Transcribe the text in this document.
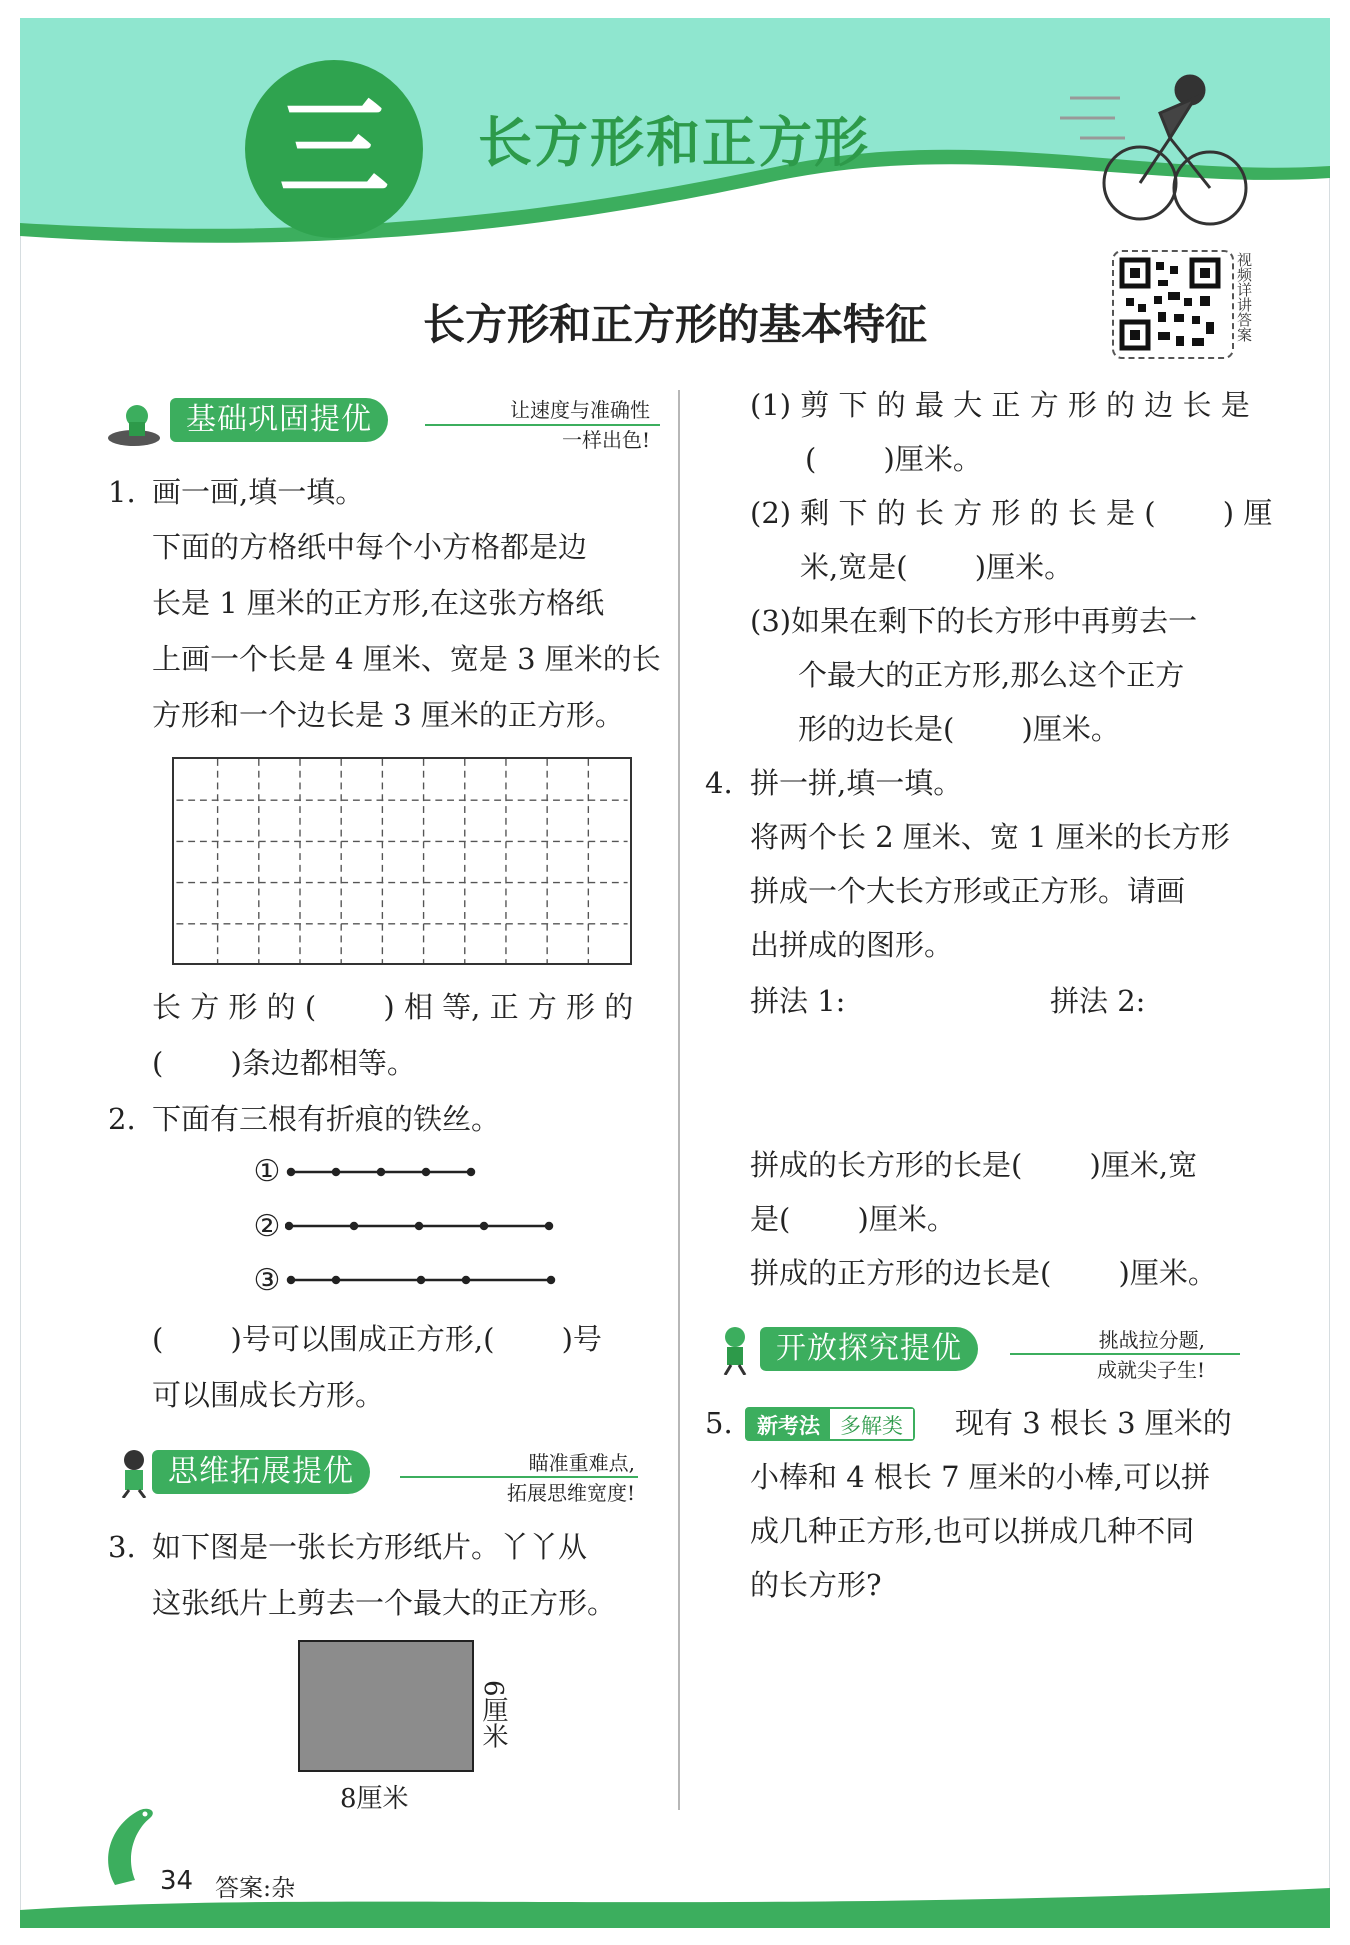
三	长方形和正方形
视频详讲答案
长方形和正方形的基本特征
基础巩固提优	让速度与准确性
一样出色!
1. 画一画,填一填。
下面的方格纸中每个小方格都是边
长是 1 厘米的正方形,在这张方格纸
上画一个长是 4 厘米、宽是 3 厘米的长
方形和一个边长是 3 厘米的正方形。
长 方 形 的 (　　 ) 相 等, 正 方 形 的
(　　 )条边都相等。
2. 下面有三根有折痕的铁丝。
①
②
③
(　　 )号可以围成正方形,(　　 )号
可以围成长方形。
思维拓展提优	瞄准重难点,
拓展思维宽度!
3. 如下图是一张长方形纸片。丫丫从
这张纸片上剪去一个最大的正方形。
8厘米
6厘米
(1) 剪 下 的 最 大 正 方 形 的 边 长 是
(　　 )厘米。
(2) 剩 下 的 长 方 形 的 长 是 (　　 ) 厘
米,宽是(　　 )厘米。
(3)如果在剩下的长方形中再剪去一
个最大的正方形,那么这个正方
形的边长是(　　 )厘米。
4. 拼一拼,填一填。
将两个长 2 厘米、宽 1 厘米的长方形
拼成一个大长方形或正方形。请画
出拼成的图形。
拼法 1:	拼法 2:
拼成的长方形的长是(　　 )厘米,宽
是(　　 )厘米。
拼成的正方形的边长是(　　 )厘米。
开放探究提优	挑战拉分题,
成就尖子生!
5.	新考法 多解类	现有 3 根长 3 厘米的
小棒和 4 根长 7 厘米的小棒,可以拼
成几种正方形,也可以拼成几种不同
的长方形?
34 答案:杂
